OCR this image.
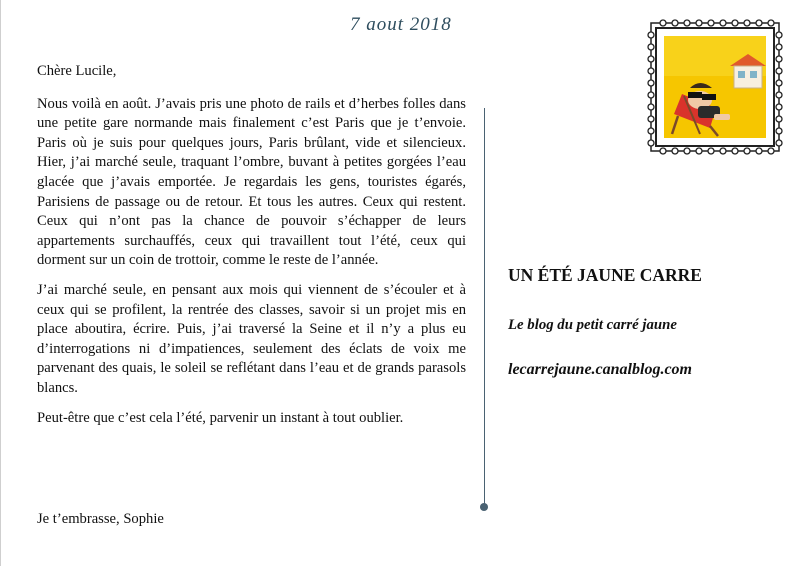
7 aout 2018

Chère Lucile,

Nous voilà en août. J’avais pris une photo de rails et d’herbes folles dans une petite gare normande mais finalement c’est Paris que je t’envoie. Paris où je suis pour quelques jours, Paris brûlant, vide et silencieux. Hier, j’ai marché seule, traquant l’ombre, buvant à petites gorgées l’eau glacée que j’avais emportée. Je regardais les gens, touristes égarés, Parisiens de passage ou de retour. Et tous les autres. Ceux qui restent. Ceux qui n’ont pas la chance de pouvoir s’échapper de leurs appartements surchauffés, ceux qui travaillent tout l’été, ceux qui dorment sur un coin de trottoir, comme le reste de l’année.

J’ai marché seule, en pensant aux mois qui viennent de s’écouler et à ceux qui se profilent, la rentrée des classes, savoir si un projet mis en place aboutira, écrire. Puis, j’ai traversé la Seine et il n’y a plus eu d’interrogations ni d’impatiences, seulement des éclats de voix me parvenant des quais, le soleil se reflétant dans l’eau et de grands parasols blancs.

Peut-être que c’est cela l’été, parvenir un instant à tout oublier.

Je t’embrasse, Sophie
UN ÉTÉ JAUNE CARRE
Le blog du petit carré jaune
lecarrejaune.canalblog.com
